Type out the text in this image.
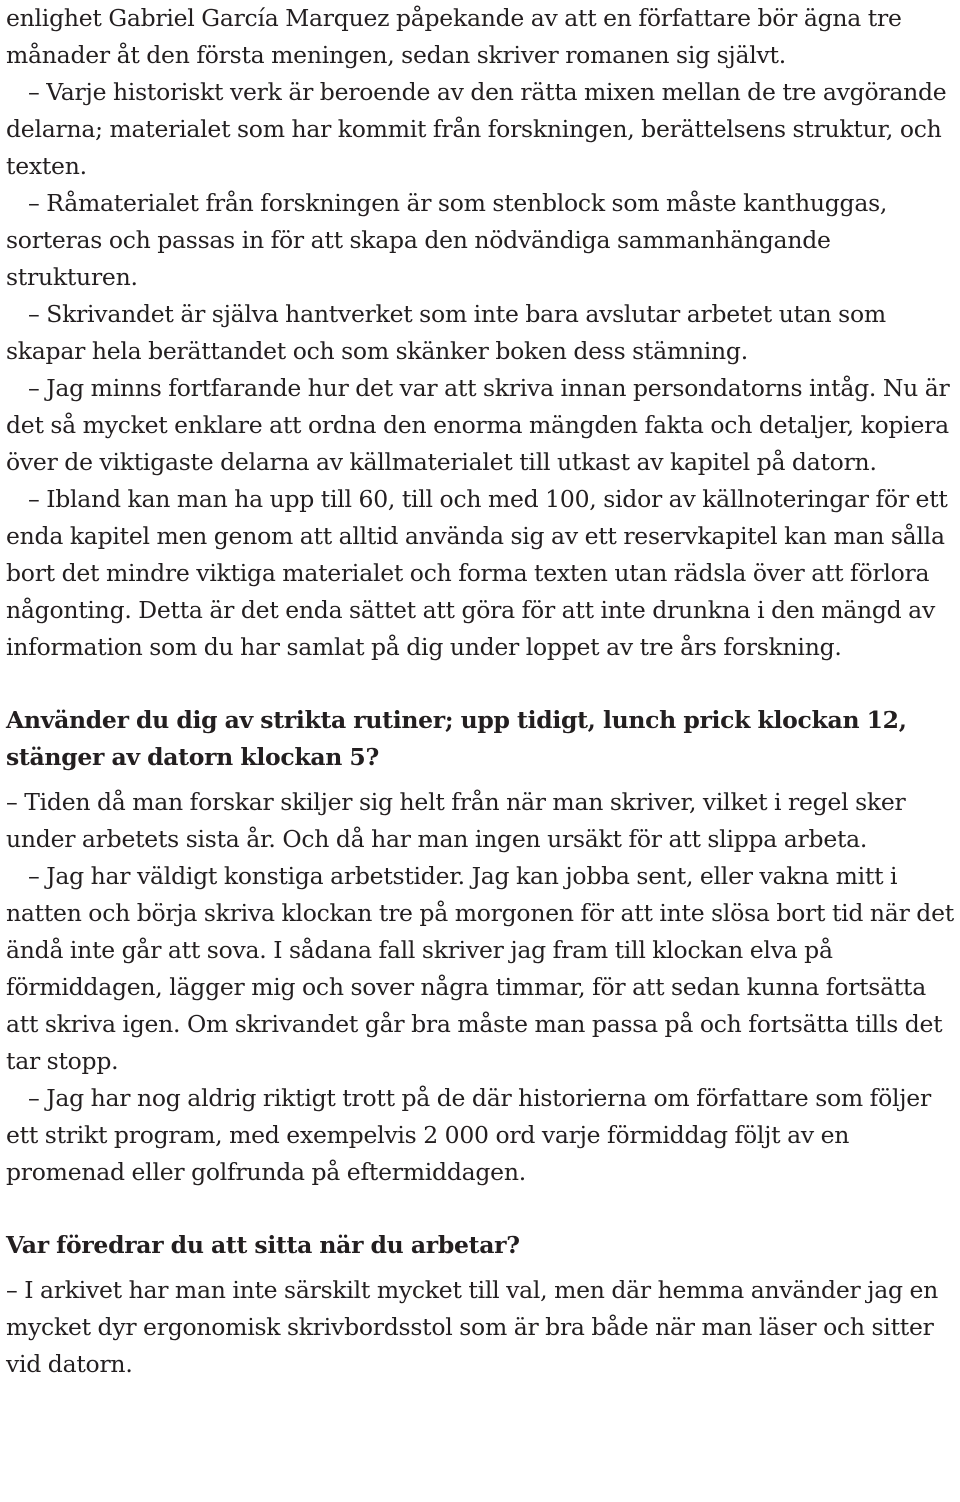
enlighet Gabriel García Marquez påpekande av att en författare bör ägna tre månader åt den första meningen, sedan skriver romanen sig självt.

– Varje historiskt verk är beroende av den rätta mixen mellan de tre avgörande delarna; materialet som har kommit från forskningen, berättelsens struktur, och texten.

– Råmaterialet från forskningen är som stenblock som måste kanthuggas, sorteras och passas in för att skapa den nödvändiga sammanhängande strukturen.

– Skrivandet är själva hantverket som inte bara avslutar arbetet utan som skapar hela berättandet och som skänker boken dess stämning.

– Jag minns fortfarande hur det var att skriva innan persondatorns intåg. Nu är det så mycket enklare att ordna den enorma mängden fakta och detaljer, kopiera över de viktigaste delarna av källmaterialet till utkast av kapitel på datorn.

– Ibland kan man ha upp till 60, till och med 100, sidor av källnoteringar för ett enda kapitel men genom att alltid använda sig av ett reservkapitel kan man sålla bort det mindre viktiga materialet och forma texten utan rädsla över att förlora någonting. Detta är det enda sättet att göra för att inte drunkna i den mängd av information som du har samlat på dig under loppet av tre års forskning.

Använder du dig av strikta rutiner; upp tidigt, lunch prick klockan 12, stänger av datorn klockan 5?

– Tiden då man forskar skiljer sig helt från när man skriver, vilket i regel sker under arbetets sista år. Och då har man ingen ursäkt för att slippa arbeta.

– Jag har väldigt konstiga arbetstider. Jag kan jobba sent, eller vakna mitt i natten och börja skriva klockan tre på morgonen för att inte slösa bort tid när det ändå inte går att sova. I sådana fall skriver jag fram till klockan elva på förmiddagen, lägger mig och sover några timmar, för att sedan kunna fortsätta att skriva igen. Om skrivandet går bra måste man passa på och fortsätta tills det tar stopp.

– Jag har nog aldrig riktigt trott på de där historierna om författare som följer ett strikt program, med exempelvis 2 000 ord varje förmiddag följt av en promenad eller golfrunda på eftermiddagen.

Var föredrar du att sitta när du arbetar?

– I arkivet har man inte särskilt mycket till val, men där hemma använder jag en mycket dyr ergonomisk skrivbordsstol som är bra både när man läser och sitter vid datorn.
